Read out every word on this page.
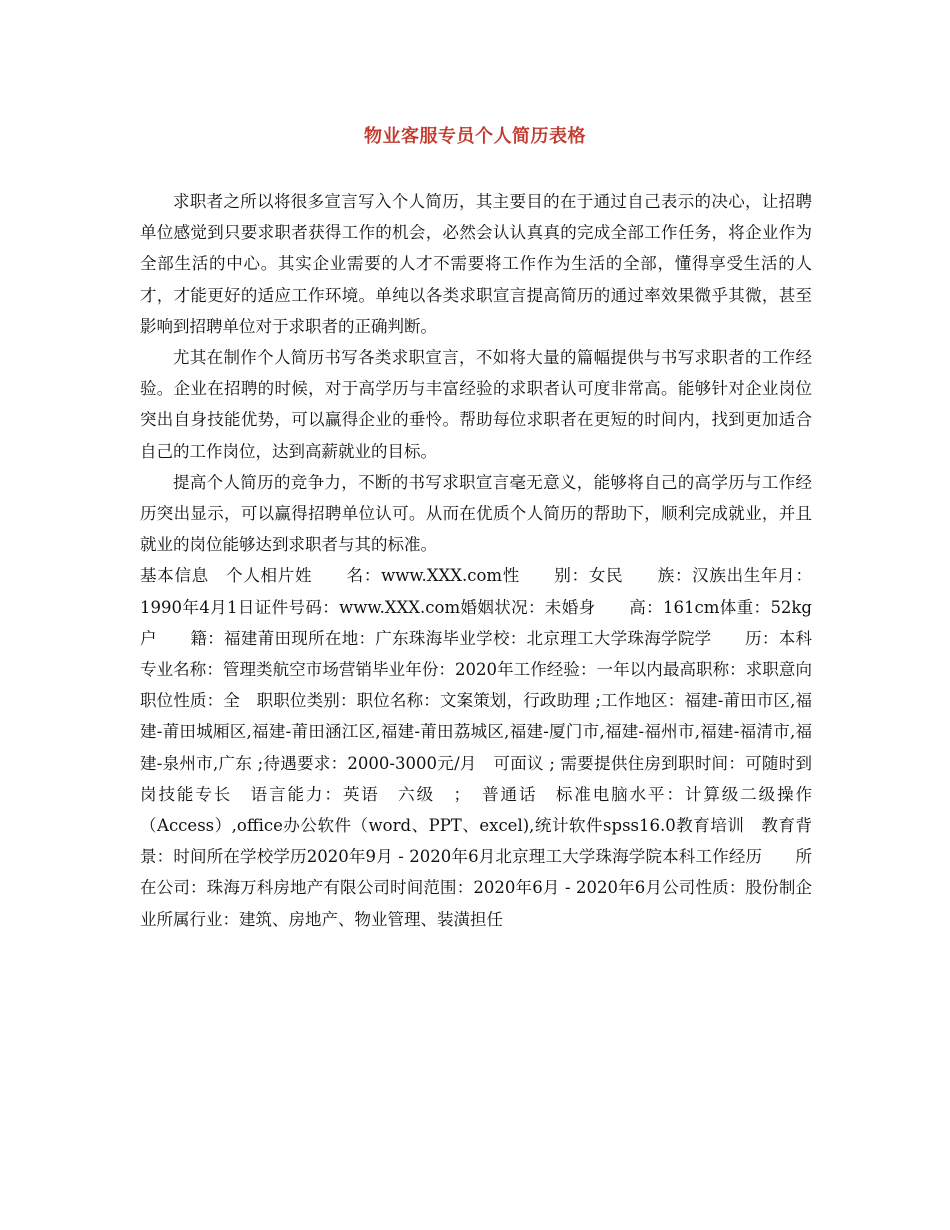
物业客服专员个人简历表格

求职者之所以将很多宣言写入个人简历，其主要目的在于通过自己表示的决心，让招聘单位感觉到只要求职者获得工作的机会，必然会认认真真的完成全部工作任务，将企业作为全部生活的中心。其实企业需要的人才不需要将工作作为生活的全部，懂得享受生活的人才，才能更好的适应工作环境。单纯以各类求职宣言提高简历的通过率效果微乎其微，甚至影响到招聘单位对于求职者的正确判断。

尤其在制作个人简历书写各类求职宣言，不如将大量的篇幅提供与书写求职者的工作经验。企业在招聘的时候，对于高学历与丰富经验的求职者认可度非常高。能够针对企业岗位突出自身技能优势，可以赢得企业的垂怜。帮助每位求职者在更短的时间内，找到更加适合自己的工作岗位，达到高薪就业的目标。

提高个人简历的竞争力，不断的书写求职宣言毫无意义，能够将自己的高学历与工作经历突出显示，可以赢得招聘单位认可。从而在优质个人简历的帮助下，顺利完成就业，并且就业的岗位能够达到求职者与其的标准。

基本信息　个人相片姓　　名：www.XXX.com性　　别：女民　　族：汉族出生年月：1990年4月1日证件号码：www.XXX.com婚姻状况：未婚身　　高：161cm体重：52kg户　　籍：福建莆田现所在地：广东珠海毕业学校：北京理工大学珠海学院学　　历：本科专业名称：管理类航空市场营销毕业年份：2020年工作经验：一年以内最高职称：求职意向　职位性质：全　职职位类别：职位名称：文案策划，行政助理 ;工作地区：福建-莆田市区,福建-莆田城厢区,福建-莆田涵江区,福建-莆田荔城区,福建-厦门市,福建-福州市,福建-福清市,福建-泉州市,广东 ;待遇要求：2000-3000元/月　可面议 ; 需要提供住房到职时间：可随时到岗技能专长　语言能力：英语　六级　；　普通话　标准电脑水平：计算级二级操作（Access）,office办公软件（word、PPT、excel),统计软件spss16.0教育培训　教育背景：时间所在学校学历2020年9月 - 2020年6月北京理工大学珠海学院本科工作经历　　所在公司：珠海万科房地产有限公司时间范围：2020年6月 - 2020年6月公司性质：股份制企业所属行业：建筑、房地产、物业管理、装潢担任
